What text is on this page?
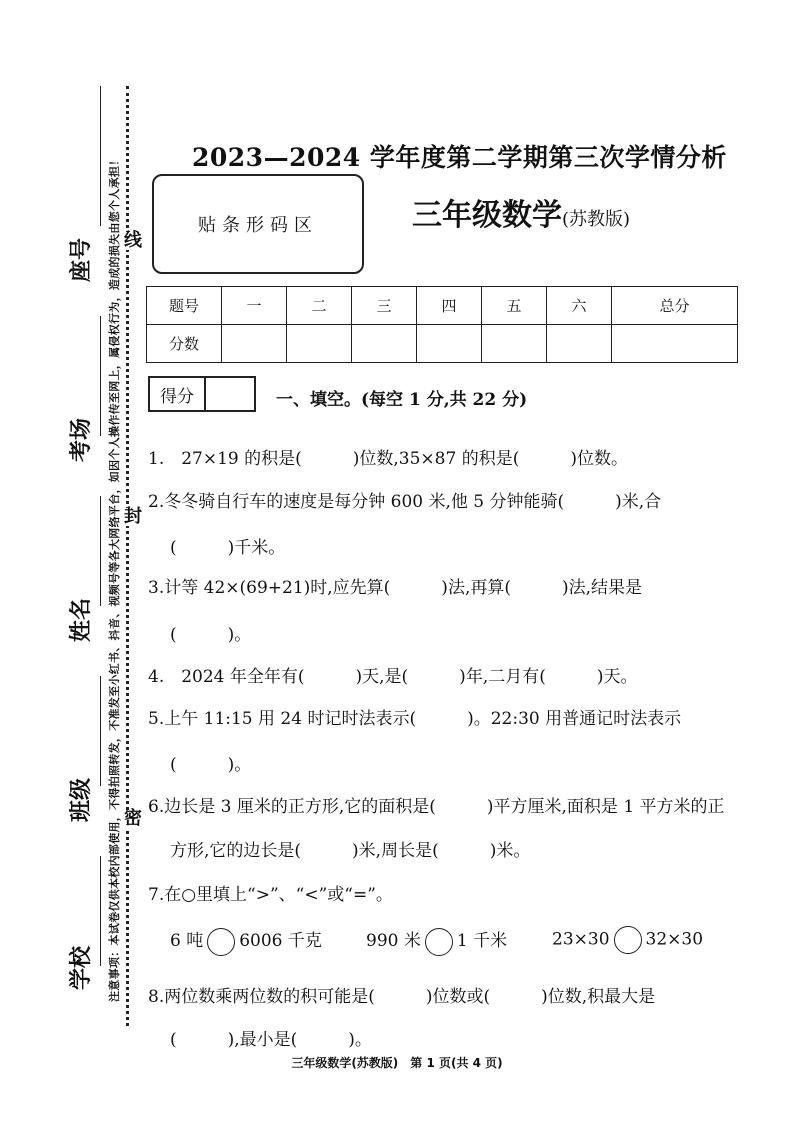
线
封
密
座号
考场
姓名
班级
学校 注意事项：本试卷仅供本校内部使用，不得拍照转发，不准发至小红书、抖音、视频号等各大网络平台，如因个人操作传至网上，属侵权行为，造成的损失由您个人承担！	2023—2024 学年度第二学期第三次学情分析
贴条形码区	三年级数学(苏教版)
题号	一	二	三	四	五	六	总分
分数							
得分	一、填空。(每空 1 分,共 22 分)
1.　27×19 的积是(　　　)位数,35×87 的积是(　　　)位数。
2.冬冬骑自行车的速度是每分钟 600 米,他 5 分钟能骑(　　　)米,合
(　　　)千米。
3.计等 42×(69+21)时,应先算(　　　)法,再算(　　　)法,结果是
(　　　)。
4.　2024 年全年有(　　　)天,是(　　　)年,二月有(　　　)天。
5.上午 11:15 用 24 时记时法表示(　　　)。22:30 用普通记时法表示
(　　　)。
6.边长是 3 厘米的正方形,它的面积是(　　　)平方厘米,面积是 1 平方米的正
方形,它的边长是(　　　)米,周长是(　　　)米。
7.在○里填上“>”、“<”或“=”。
6 吨 6006 千克	990 米 1 千米	23×30 32×30
8.两位数乘两位数的积可能是(　　　)位数或(　　　)位数,积最大是
(　　　),最小是(　　　)。
三年级数学(苏教版)　第 1 页(共 4 页)
